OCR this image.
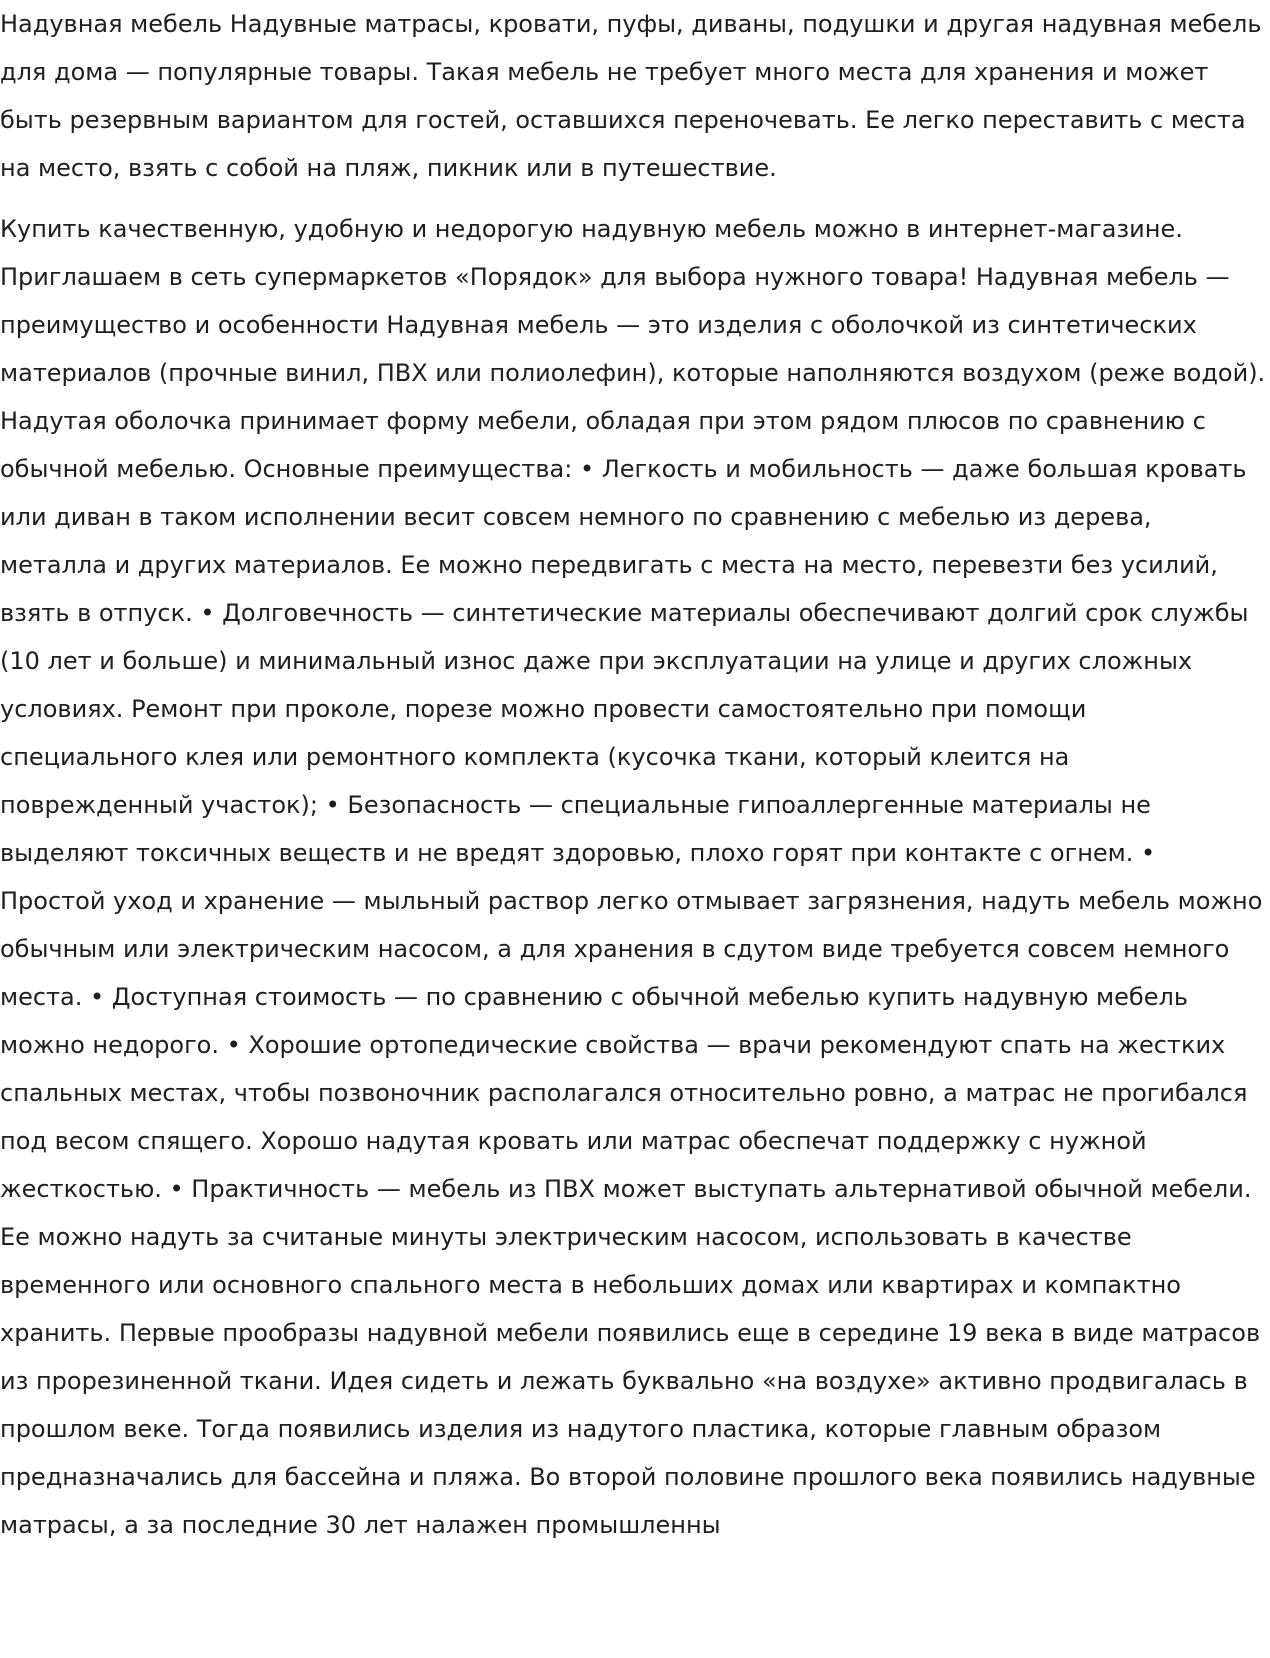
Надувная мебель Надувные матрасы, кровати, пуфы, диваны, подушки и другая надувная мебель для дома — популярные товары. Такая мебель не требует много места для хранения и может быть резервным вариантом для гостей, оставшихся переночевать. Ее легко переставить с места на место, взять с собой на пляж, пикник или в путешествие.

Купить качественную, удобную и недорогую надувную мебель можно в интернет-магазине. Приглашаем в сеть супермаркетов «Порядок» для выбора нужного товара! Надувная мебель — преимущество и особенности Надувная мебель — это изделия с оболочкой из синтетических материалов (прочные винил, ПВХ или полиолефин), которые наполняются воздухом (реже водой). Надутая оболочка принимает форму мебели, обладая при этом рядом плюсов по сравнению с обычной мебелью. Основные преимущества: • Легкость и мобильность — даже большая кровать или диван в таком исполнении весит совсем немного по сравнению с мебелью из дерева, металла и других материалов. Ее можно передвигать с места на место, перевезти без усилий, взять в отпуск. • Долговечность — синтетические материалы обеспечивают долгий срок службы (10 лет и больше) и минимальный износ даже при эксплуатации на улице и других сложных условиях. Ремонт при проколе, порезе можно провести самостоятельно при помощи специального клея или ремонтного комплекта (кусочка ткани, который клеится на поврежденный участок); • Безопасность — специальные гипоаллергенные материалы не выделяют токсичных веществ и не вредят здоровью, плохо горят при контакте с огнем. • Простой уход и хранение — мыльный раствор легко отмывает загрязнения, надуть мебель можно обычным или электрическим насосом, а для хранения в сдутом виде требуется совсем немного места. • Доступная стоимость — по сравнению с обычной мебелью купить надувную мебель можно недорого. • Хорошие ортопедические свойства — врачи рекомендуют спать на жестких спальных местах, чтобы позвоночник располагался относительно ровно, а матрас не прогибался под весом спящего. Хорошо надутая кровать или матрас обеспечат поддержку с нужной жесткостью. • Практичность — мебель из ПВХ может выступать альтернативой обычной мебели. Ее можно надуть за считаные минуты электрическим насосом, использовать в качестве временного или основного спального места в небольших домах или квартирах и компактно хранить. Первые прообразы надувной мебели появились еще в середине 19 века в виде матрасов из прорезиненной ткани. Идея сидеть и лежать буквально «на воздухе» активно продвигалась в прошлом веке. Тогда появились изделия из надутого пластика, которые главным образом предназначались для бассейна и пляжа. Во второй половине прошлого века появились надувные матрасы, а за последние 30 лет налажен промышленны
